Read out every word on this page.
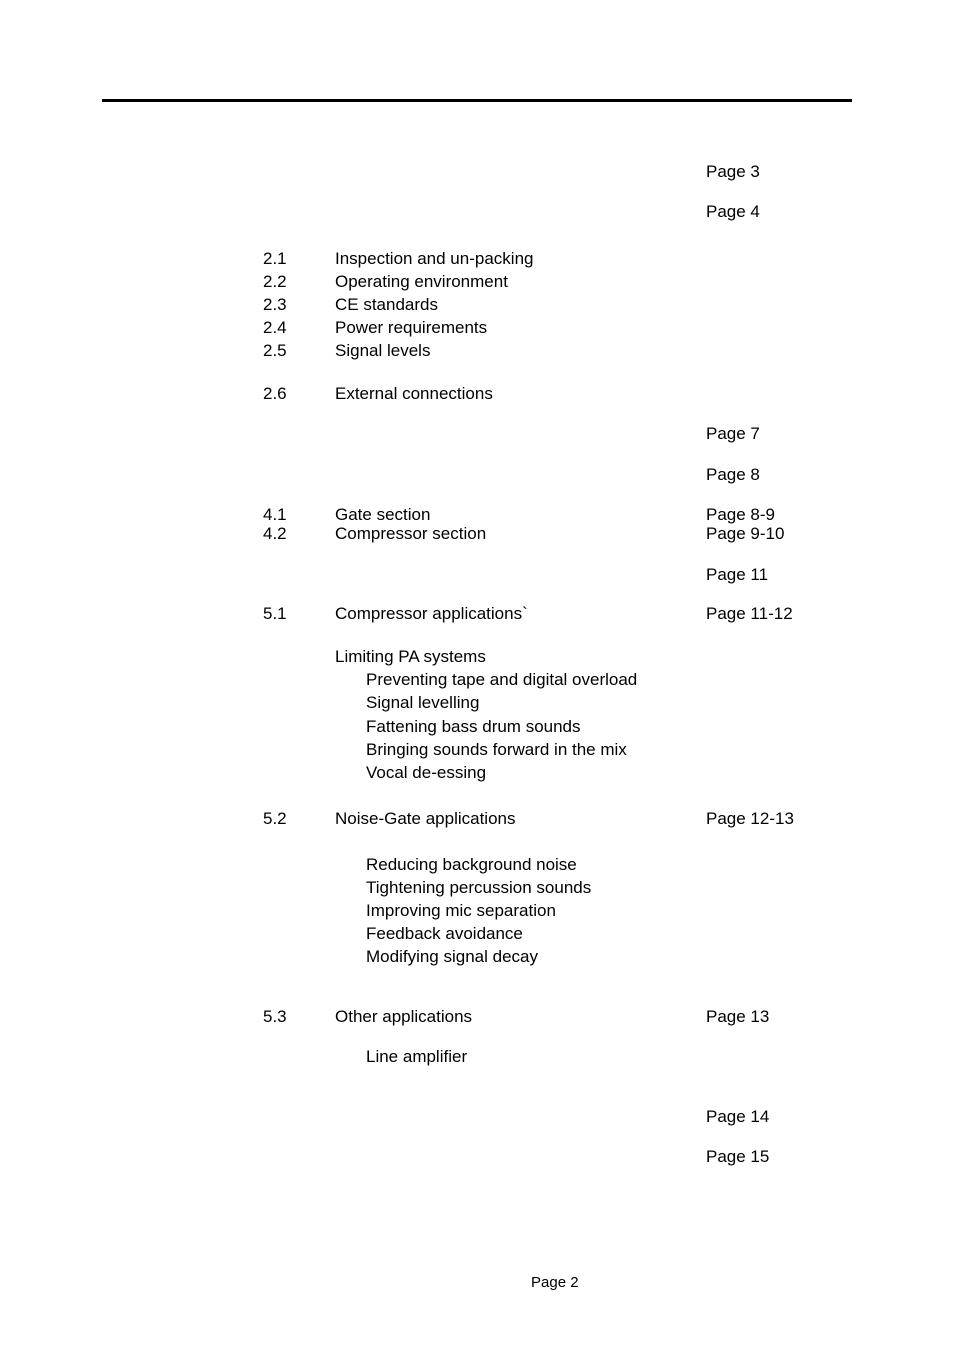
Page 3
Page 4
2.1	Inspection and un-packing
2.2	Operating environment
2.3	CE standards
2.4	Power requirements
2.5	Signal levels
2.6	External connections
Page 7
Page 8
4.1	Gate section	Page 8-9
4.2	Compressor section	Page 9-10
Page 11
5.1	Compressor applications`	Page 11-12
Limiting PA systems
Preventing tape and digital overload
Signal levelling
Fattening bass drum sounds
Bringing sounds forward in the mix
Vocal de-essing
5.2	Noise-Gate applications	Page 12-13
Reducing background noise
Tightening percussion sounds
Improving mic separation
Feedback avoidance
Modifying signal decay
5.3	Other applications	Page 13
Line amplifier
Page 14
Page 15
Page 2
